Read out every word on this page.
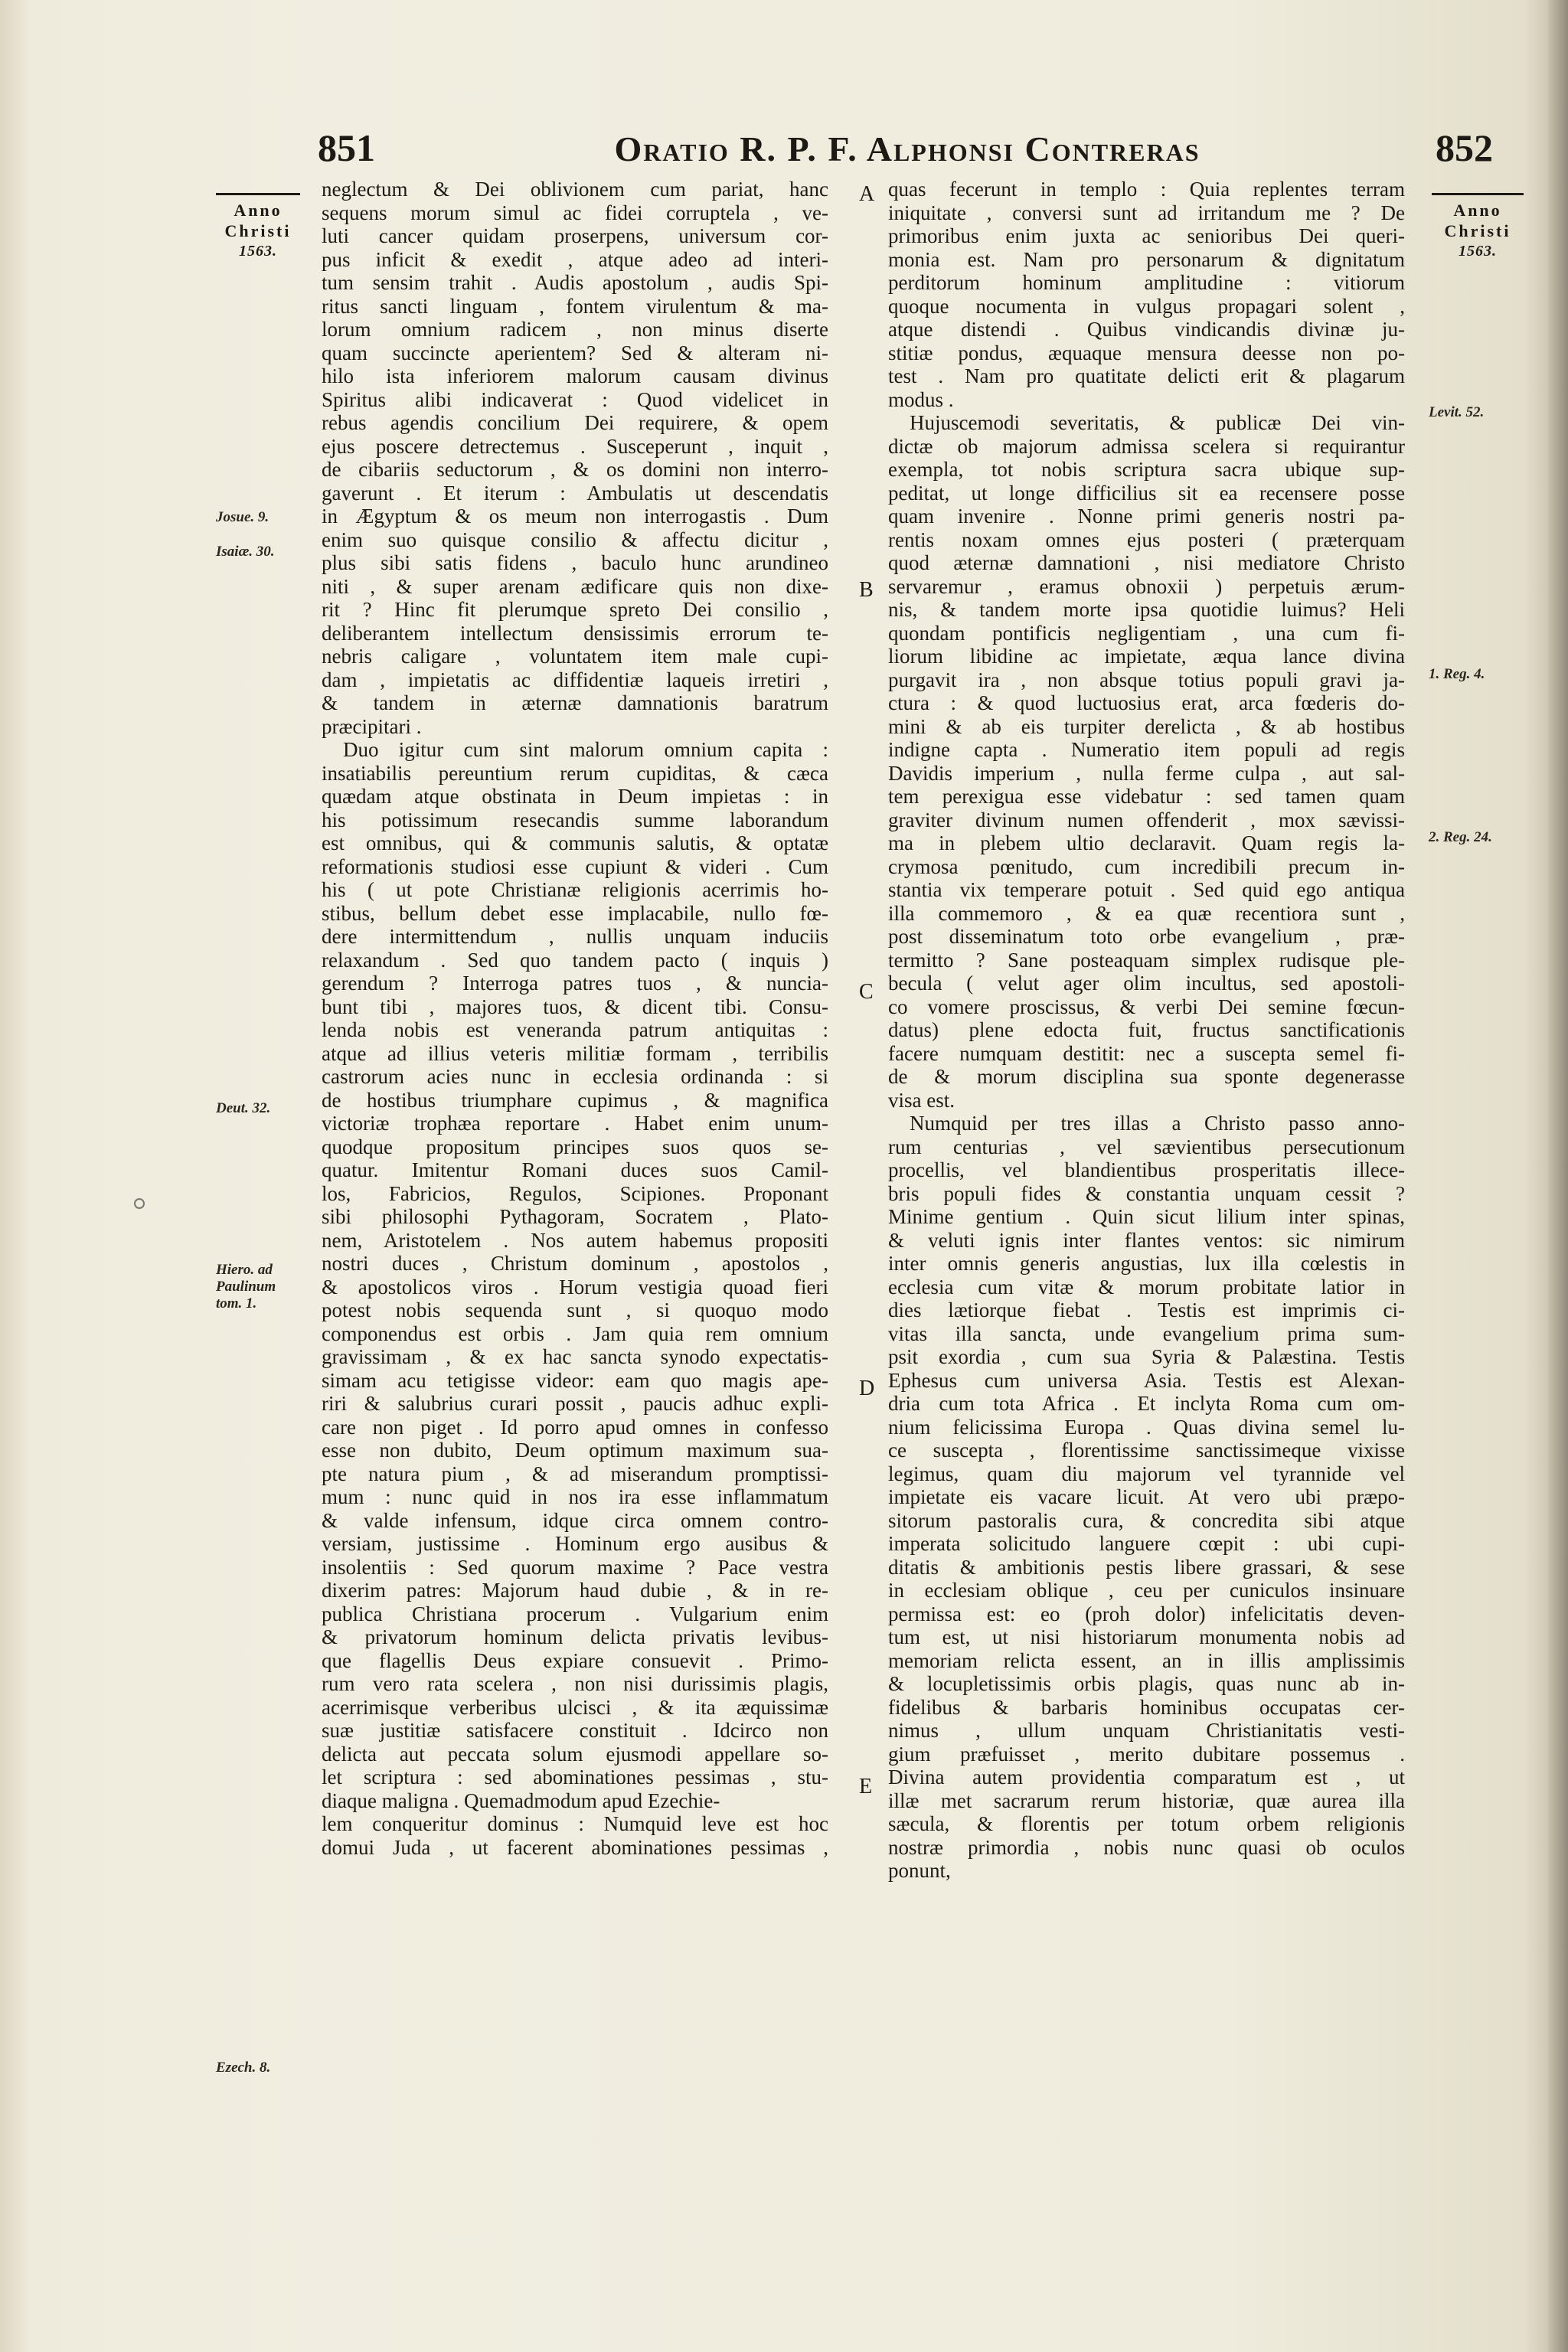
851	Oratio R. P. F. Alphonsi Contreras	852
Anno
Christi
1563.
Anno
Christi
1563.
Josue. 9.
Isaiæ. 30.
Deut. 32.
Hiero. ad Paulinum tom. 1.
Ezech. 8.
Levit. 52.
1. Reg. 4.
2. Reg. 24.
A
B
C
D
E
neglectum & Dei oblivionem cum pariat, hanc
sequens morum simul ac fidei corruptela , ve-
luti cancer quidam proserpens, universum cor-
pus inficit & exedit , atque adeo ad interi-
tum sensim trahit . Audis apostolum , audis Spi-
ritus sancti linguam , fontem virulentum & ma-
lorum omnium radicem , non minus diserte
quam succincte aperientem? Sed & alteram ni-
hilo ista inferiorem malorum causam divinus
Spiritus alibi indicaverat : Quod videlicet in
rebus agendis concilium Dei requirere, & opem
ejus poscere detrectemus . Susceperunt , inquit ,
de cibariis seductorum , & os domini non interro-
gaverunt . Et iterum : Ambulatis ut descendatis
in Ægyptum & os meum non interrogastis . Dum
enim suo quisque consilio & affectu dicitur ,
plus sibi satis fidens , baculo hunc arundineo
niti , & super arenam ædificare quis non dixe-
rit ? Hinc fit plerumque spreto Dei consilio ,
deliberantem intellectum densissimis errorum te-
nebris caligare , voluntatem item male cupi-
dam , impietatis ac diffidentiæ laqueis irretiri ,
& tandem in æternæ damnationis baratrum
præcipitari .
Duo igitur cum sint malorum omnium capita :
insatiabilis pereuntium rerum cupiditas, & cæca
quædam atque obstinata in Deum impietas : in
his potissimum resecandis summe laborandum
est omnibus, qui & communis salutis, & optatæ
reformationis studiosi esse cupiunt & videri . Cum
his ( ut pote Christianæ religionis acerrimis ho-
stibus, bellum debet esse implacabile, nullo fœ-
dere intermittendum , nullis unquam induciis
relaxandum . Sed quo tandem pacto ( inquis )
gerendum ? Interroga patres tuos , & nuncia-
bunt tibi , majores tuos, & dicent tibi. Consu-
lenda nobis est veneranda patrum antiquitas :
atque ad illius veteris militiæ formam , terribilis
castrorum acies nunc in ecclesia ordinanda : si
de hostibus triumphare cupimus , & magnifica
victoriæ trophæa reportare . Habet enim unum-
quodque propositum principes suos quos se-
quatur. Imitentur Romani duces suos Camil-
los, Fabricios, Regulos, Scipiones. Proponant
sibi philosophi Pythagoram, Socratem , Plato-
nem, Aristotelem . Nos autem habemus propositi
nostri duces , Christum dominum , apostolos ,
& apostolicos viros . Horum vestigia quoad fieri
potest nobis sequenda sunt , si quoquo modo
componendus est orbis . Jam quia rem omnium
gravissimam , & ex hac sancta synodo expectatis-
simam acu tetigisse videor: eam quo magis ape-
riri & salubrius curari possit , paucis adhuc expli-
care non piget . Id porro apud omnes in confesso
esse non dubito, Deum optimum maximum sua-
pte natura pium , & ad miserandum promptissi-
mum : nunc quid in nos ira esse inflammatum
& valde infensum, idque circa omnem contro-
versiam, justissime . Hominum ergo ausibus &
insolentiis : Sed quorum maxime ? Pace vestra
dixerim patres: Majorum haud dubie , & in re-
publica Christiana procerum . Vulgarium enim
& privatorum hominum delicta privatis levibus-
que flagellis Deus expiare consuevit . Primo-
rum vero rata scelera , non nisi durissimis plagis,
acerrimisque verberibus ulcisci , & ita æquissimæ
suæ justitiæ satisfacere constituit . Idcirco non
delicta aut peccata solum ejusmodi appellare so-
let scriptura : sed abominationes pessimas , stu-
diaque maligna . Quemadmodum apud Ezechie-
lem conqueritur dominus : Numquid leve est hoc
domui Juda , ut facerent abominationes pessimas ,
quas fecerunt in templo : Quia replentes terram
iniquitate , conversi sunt ad irritandum me ? De
primoribus enim juxta ac senioribus Dei queri-
monia est. Nam pro personarum & dignitatum
perditorum hominum amplitudine : vitiorum
quoque nocumenta in vulgus propagari solent ,
atque distendi . Quibus vindicandis divinæ ju-
stitiæ pondus, æquaque mensura deesse non po-
test . Nam pro quatitate delicti erit & plagarum
modus .
Hujuscemodi severitatis, & publicæ Dei vin-
dictæ ob majorum admissa scelera si requirantur
exempla, tot nobis scriptura sacra ubique sup-
peditat, ut longe difficilius sit ea recensere posse
quam invenire . Nonne primi generis nostri pa-
rentis noxam omnes ejus posteri ( præterquam
quod æternæ damnationi , nisi mediatore Christo
servaremur , eramus obnoxii ) perpetuis ærum-
nis, & tandem morte ipsa quotidie luimus? Heli
quondam pontificis negligentiam , una cum fi-
liorum libidine ac impietate, æqua lance divina
purgavit ira , non absque totius populi gravi ja-
ctura : & quod luctuosius erat, arca fœderis do-
mini & ab eis turpiter derelicta , & ab hostibus
indigne capta . Numeratio item populi ad regis
Davidis imperium , nulla ferme culpa , aut sal-
tem perexigua esse videbatur : sed tamen quam
graviter divinum numen offenderit , mox sævissi-
ma in plebem ultio declaravit. Quam regis la-
crymosa pœnitudo, cum incredibili precum in-
stantia vix temperare potuit . Sed quid ego antiqua
illa commemoro , & ea quæ recentiora sunt ,
post disseminatum toto orbe evangelium , præ-
termitto ? Sane posteaquam simplex rudisque ple-
becula ( velut ager olim incultus, sed apostoli-
co vomere proscissus, & verbi Dei semine fœcun-
datus) plene edocta fuit, fructus sanctificationis
facere numquam destitit: nec a suscepta semel fi-
de & morum disciplina sua sponte degenerasse
visa est.
Numquid per tres illas a Christo passo anno-
rum centurias , vel sævientibus persecutionum
procellis, vel blandientibus prosperitatis illece-
bris populi fides & constantia unquam cessit ?
Minime gentium . Quin sicut lilium inter spinas,
& veluti ignis inter flantes ventos: sic nimirum
inter omnis generis angustias, lux illa cœlestis in
ecclesia cum vitæ & morum probitate latior in
dies lætiorque fiebat . Testis est imprimis ci-
vitas illa sancta, unde evangelium prima sum-
psit exordia , cum sua Syria & Palæstina. Testis
Ephesus cum universa Asia. Testis est Alexan-
dria cum tota Africa . Et inclyta Roma cum om-
nium felicissima Europa . Quas divina semel lu-
ce suscepta , florentissime sanctissimeque vixisse
legimus, quam diu majorum vel tyrannide vel
impietate eis vacare licuit. At vero ubi præpo-
sitorum pastoralis cura, & concredita sibi atque
imperata solicitudo languere cœpit : ubi cupi-
ditatis & ambitionis pestis libere grassari, & sese
in ecclesiam oblique , ceu per cuniculos insinuare
permissa est: eo (proh dolor) infelicitatis deven-
tum est, ut nisi historiarum monumenta nobis ad
memoriam relicta essent, an in illis amplissimis
& locupletissimis orbis plagis, quas nunc ab in-
fidelibus & barbaris hominibus occupatas cer-
nimus , ullum unquam Christianitatis vesti-
gium præfuisset , merito dubitare possemus .
Divina autem providentia comparatum est , ut
illæ met sacrarum rerum historiæ, quæ aurea illa
sæcula, & florentis per totum orbem religionis
nostræ primordia , nobis nunc quasi ob oculos
ponunt,
